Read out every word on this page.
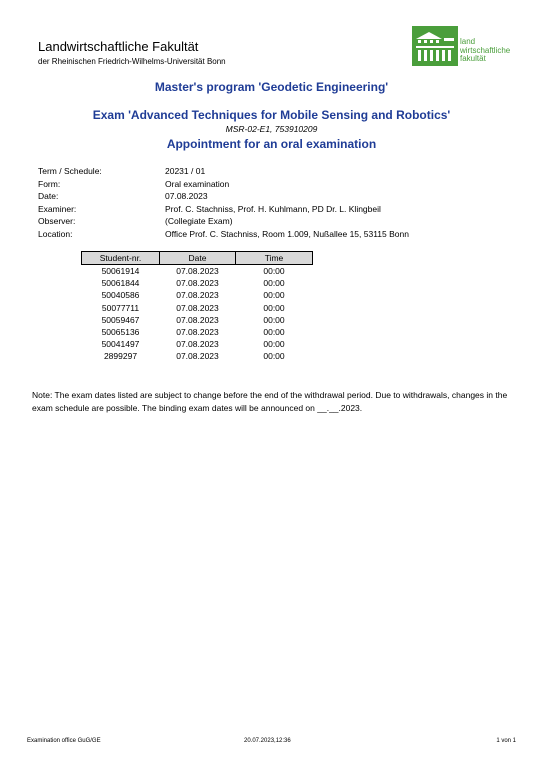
Landwirtschaftliche Fakultät
der Rheinischen Friedrich-Wilhelms-Universität Bonn
land
wirtschaftliche
fakultät
Master's program 'Geodetic Engineering'
Exam 'Advanced Techniques for Mobile Sensing and Robotics'
MSR-02-E1, 753910209
Appointment for an oral examination
Term / Schedule:	20231 / 01
Form:	Oral examination
Date:	07.08.2023
Examiner:	Prof. C. Stachniss, Prof. H. Kuhlmann, PD Dr. L. Klingbeil
Observer:	(Collegiate Exam)
Location:	Office Prof. C. Stachniss, Room 1.009, Nußallee 15, 53115 Bonn
Student-nr.	Date	Time
50061914	07.08.2023	00:00
50061844	07.08.2023	00:00
50040586	07.08.2023	00:00
50077711	07.08.2023	00:00
50059467	07.08.2023	00:00
50065136	07.08.2023	00:00
50041497	07.08.2023	00:00
2899297	07.08.2023	00:00
Note: The exam dates listed are subject to change before the end of the withdrawal period. Due to withdrawals, changes in the exam schedule are possible. The binding exam dates will be announced on __.__.2023.
Examination office GuG/GE	20.07.2023,12:36	1 von 1
